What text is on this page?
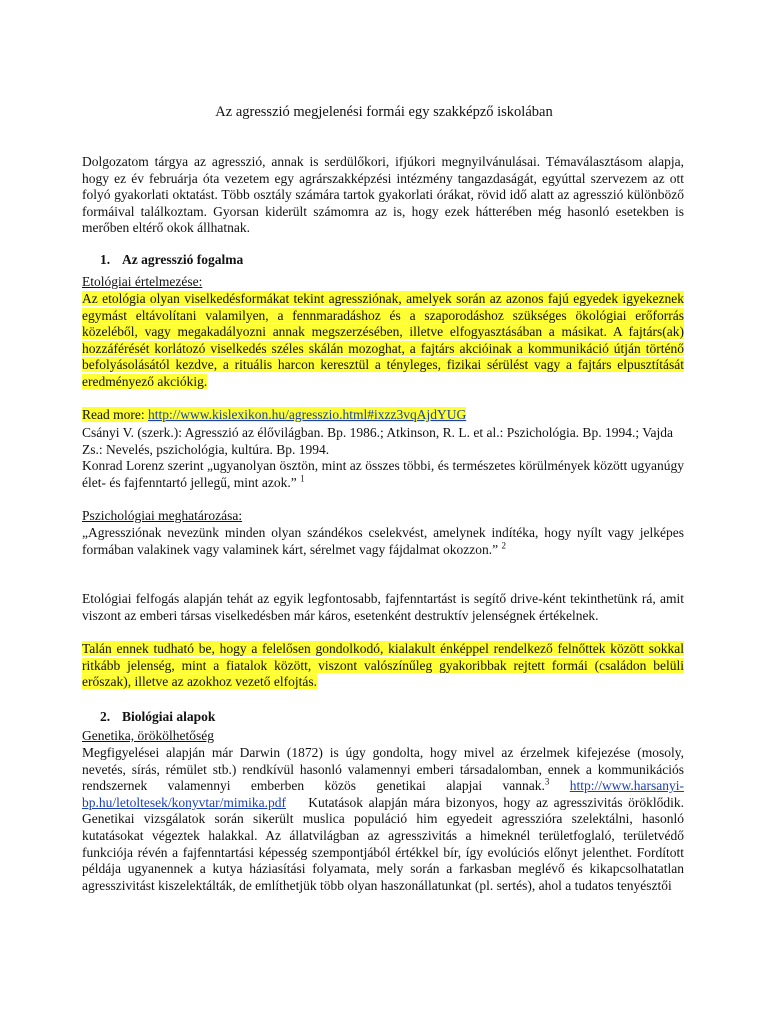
Az agresszió megjelenési formái egy szakképző iskolában

Dolgozatom tárgya az agresszió, annak is serdülőkori, ifjúkori megnyilvánulásai. Témaválasztásom alapja, hogy ez év februárja óta vezetem egy agrárszakképzési intézmény tangazdaságát, egyúttal szervezem az ott folyó gyakorlati oktatást. Több osztály számára tartok gyakorlati órákat, rövid idő alatt az agresszió különböző formáival találkoztam. Gyorsan kiderült számomra az is, hogy ezek hátterében még hasonló esetekben is merőben eltérő okok állhatnak.

1. Az agresszió fogalma

Etológiai értelmezése:

Az etológia olyan viselkedésformákat tekint agressziónak, amelyek során az azonos fajú egyedek igyekeznek egymást eltávolítani valamilyen, a fennmaradáshoz és a szaporodáshoz szükséges ökológiai erőforrás közeléből, vagy megakadályozni annak megszerzésében, illetve elfogyasztásában a másikat. A fajtárs(ak) hozzáférését korlátozó viselkedés széles skálán mozoghat, a fajtárs akcióinak a kommunikáció útján történő befolyásolásától kezdve, a rituális harcon keresztül a tényleges, fizikai sérülést vagy a fajtárs elpusztítását eredményező akciókig.

Read more: http://www.kislexikon.hu/agresszio.html#ixzz3vqAjdYUG

Csányi V. (szerk.): Agresszió az élővilágban. Bp. 1986.; Atkinson, R. L. et al.: Pszichológia. Bp. 1994.; Vajda Zs.: Nevelés, pszichológia, kultúra. Bp. 1994.

Konrad Lorenz szerint „ugyanolyan ösztön, mint az összes többi, és természetes körülmények között ugyanúgy élet- és fajfenntartó jellegű, mint azok.” $^1$

Pszichológiai meghatározása:

„Agressziónak nevezünk minden olyan szándékos cselekvést, amelynek indítéka, hogy nyílt vagy jelképes formában valakinek vagy valaminek kárt, sérelmet vagy fájdalmat okozzon.” $^2$

Etológiai felfogás alapján tehát az egyik legfontosabb, fajfenntartást is segítő drive-ként tekinthetünk rá, amit viszont az emberi társas viselkedésben már káros, esetenként destruktív jelenségnek értékelnek.

Talán ennek tudható be, hogy a felelősen gondolkodó, kialakult énképpel rendelkező felnőttek között sokkal ritkább jelenség, mint a fiatalok között, viszont valószínűleg gyakoribbak rejtett formái (családon belüli erőszak), illetve az azokhoz vezető elfojtás.

2. Biológiai alapok

Genetika, örökölhetőség

Megfigyelései alapján már Darwin (1872) is úgy gondolta, hogy mivel az érzelmek kifejezése (mosoly, nevetés, sírás, rémület stb.) rendkívül hasonló valamennyi emberi társadalomban, ennek a kommunikációs rendszernek valamennyi emberben közös genetikai alapjai vannak.$^3$ http://www.harsanyi-bp.hu/letoltesek/konyvtar/mimika.pdf Kutatások alapján mára bizonyos, hogy az agresszivitás öröklődik. Genetikai vizsgálatok során sikerült muslica populáció him egyedeit agresszióra szelektálni, hasonló kutatásokat végeztek halakkal. Az állatvilágban az agresszivitás a himeknél területfoglaló, területvédő funkciója révén a fajfenntartási képesség szempontjából értékkel bír, így evolúciós előnyt jelenthet. Fordított példája ugyanennek a kutya háziasítási folyamata, mely során a farkasban meglévő és kikapcsolhatatlan agresszivitást kiszelektálták, de említhetjük több olyan haszonállatunkat (pl. sertés), ahol a tudatos tenyésztői
